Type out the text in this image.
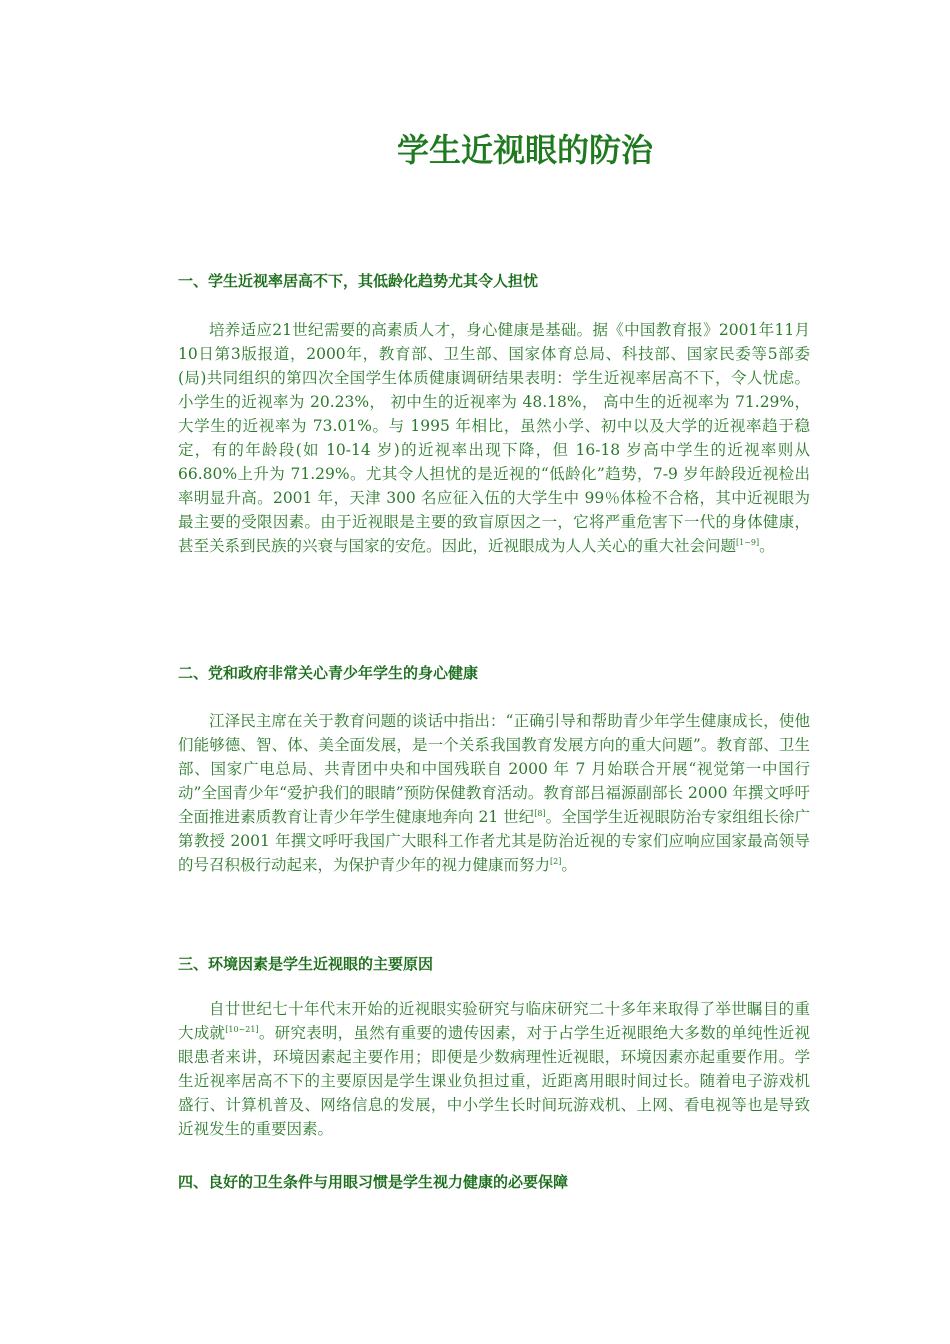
学生近视眼的防治
一、学生近视率居高不下，其低龄化趋势尤其令人担忧

培养适应21世纪需要的高素质人才，身心健康是基础。据《中国教育报》2001年11月10日第3版报道，2000年，教育部、卫生部、国家体育总局、科技部、国家民委等5部委(局)共同组织的第四次全国学生体质健康调研结果表明：学生近视率居高不下，令人忧虑。 小学生的近视率为 20.23%， 初中生的近视率为 48.18%， 高中生的近视率为 71.29%，大学生的近视率为 73.01%。与 1995 年相比，虽然小学、初中以及大学的近视率趋于稳定，有的年龄段(如 10-14 岁)的近视率出现下降，但 16-18 岁高中学生的近视率则从 66.80%上升为 71.29%。尤其令人担忧的是近视的“低龄化”趋势，7-9 岁年龄段近视检出率明显升高。2001 年，天津 300 名应征入伍的大学生中 99％体检不合格，其中近视眼为最主要的受限因素。由于近视眼是主要的致盲原因之一，它将严重危害下一代的身体健康，甚至关系到民族的兴衰与国家的安危。因此，近视眼成为人人关心的重大社会问题[1~9]。

二、党和政府非常关心青少年学生的身心健康

江泽民主席在关于教育问题的谈话中指出：“正确引导和帮助青少年学生健康成长，使他们能够德、智、体、美全面发展，是一个关系我国教育发展方向的重大问题”。教育部、卫生部、国家广电总局、共青团中央和中国残联自 2000 年 7 月始联合开展“视觉第一中国行动”全国青少年“爱护我们的眼睛”预防保健教育活动。教育部吕福源副部长 2000 年撰文呼吁全面推进素质教育让青少年学生健康地奔向 21 世纪[8]。全国学生近视眼防治专家组组长徐广第教授 2001 年撰文呼吁我国广大眼科工作者尤其是防治近视的专家们应响应国家最高领导的号召积极行动起来，为保护青少年的视力健康而努力[2]。

三、环境因素是学生近视眼的主要原因

自廿世纪七十年代末开始的近视眼实验研究与临床研究二十多年来取得了举世瞩目的重大成就[10~21]。研究表明，虽然有重要的遗传因素，对于占学生近视眼绝大多数的单纯性近视眼患者来讲，环境因素起主要作用；即便是少数病理性近视眼，环境因素亦起重要作用。学生近视率居高不下的主要原因是学生课业负担过重，近距离用眼时间过长。随着电子游戏机盛行、计算机普及、网络信息的发展，中小学生长时间玩游戏机、上网、看电视等也是导致近视发生的重要因素。

四、良好的卫生条件与用眼习惯是学生视力健康的必要保障
